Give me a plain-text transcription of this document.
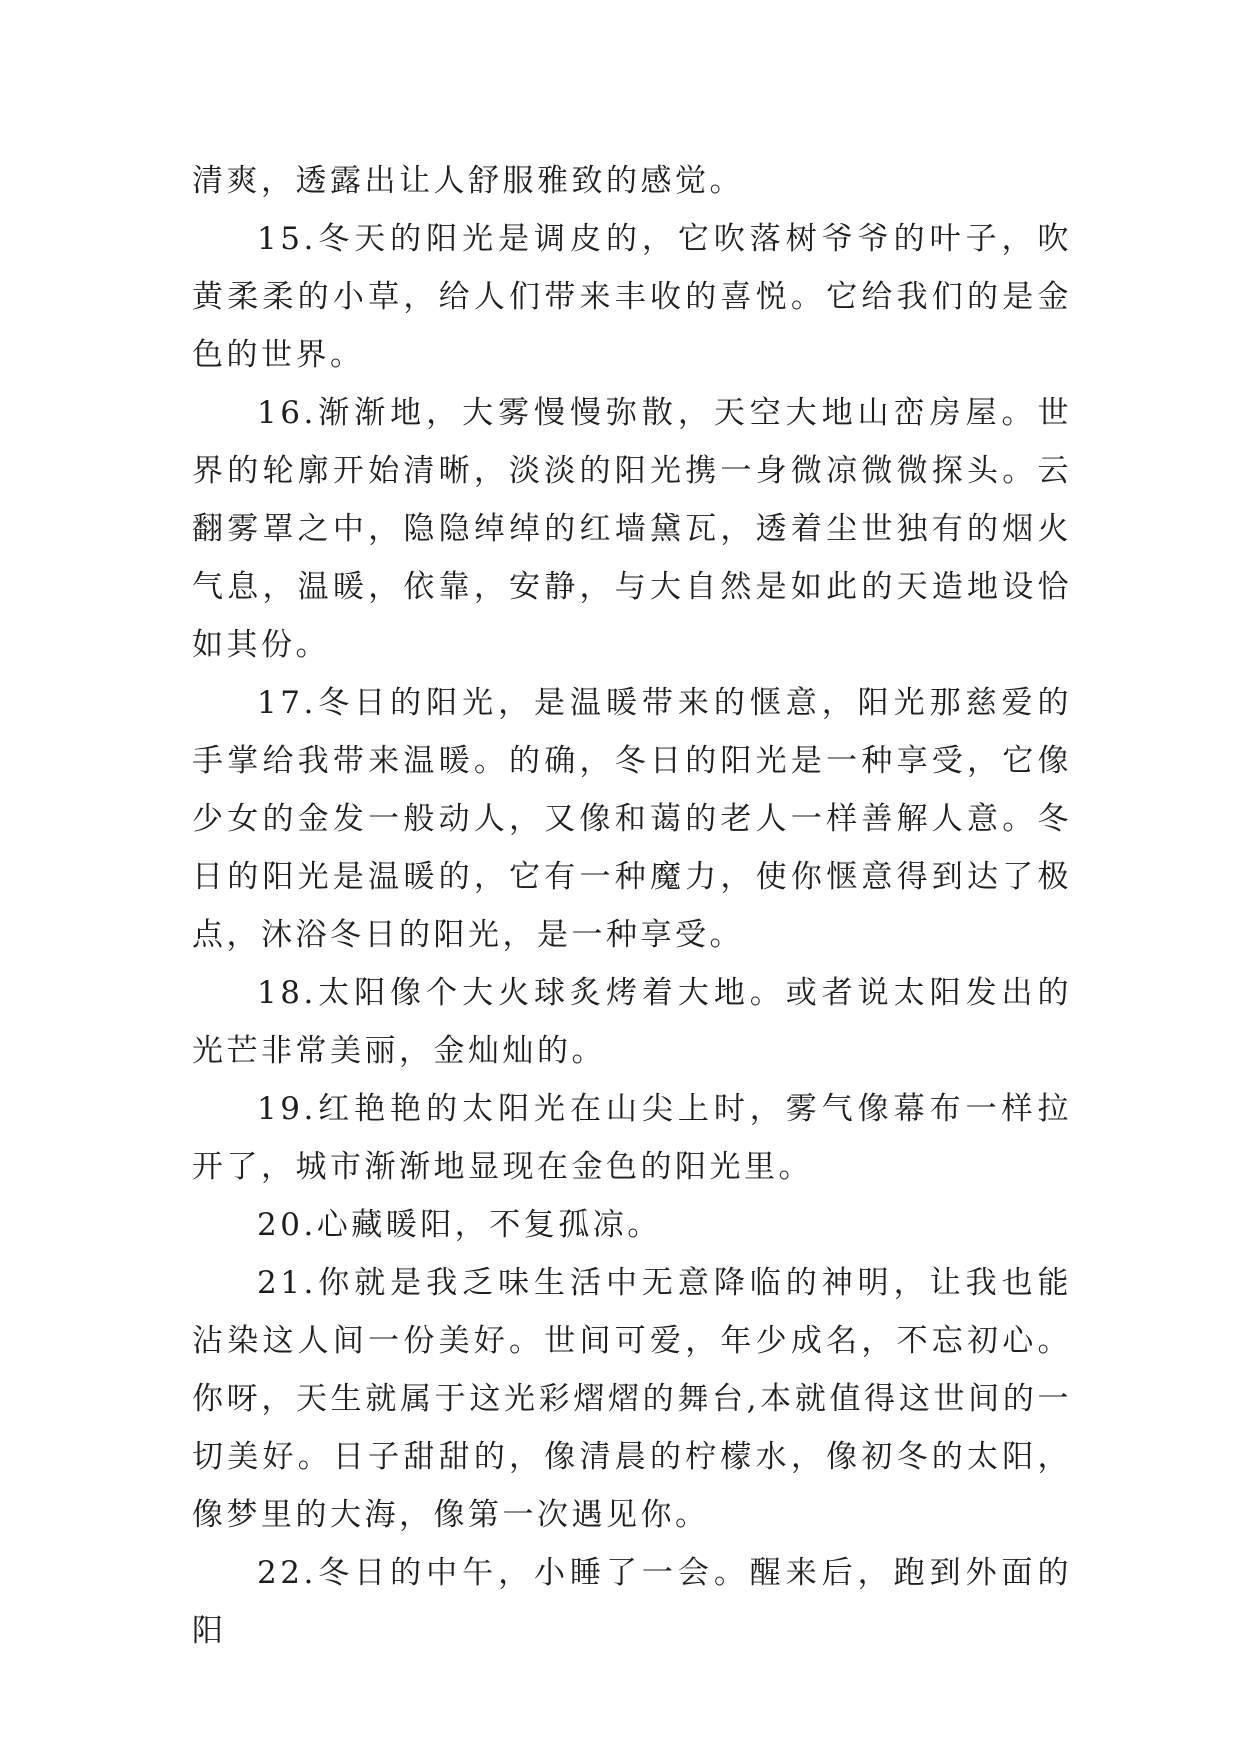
清爽，透露出让人舒服雅致的感觉。

15.冬天的阳光是调皮的，它吹落树爷爷的叶子，吹黄柔柔的小草，给人们带来丰收的喜悦。它给我们的是金色的世界。

16.渐渐地，大雾慢慢弥散，天空大地山峦房屋。世界的轮廓开始清晰，淡淡的阳光携一身微凉微微探头。云翻雾罩之中，隐隐绰绰的红墙黛瓦，透着尘世独有的烟火气息，温暖，依靠，安静，与大自然是如此的天造地设恰如其份。

17.冬日的阳光，是温暖带来的惬意，阳光那慈爱的手掌给我带来温暖。的确，冬日的阳光是一种享受，它像少女的金发一般动人，又像和蔼的老人一样善解人意。冬日的阳光是温暖的，它有一种魔力，使你惬意得到达了极点，沐浴冬日的阳光，是一种享受。

18.太阳像个大火球炙烤着大地。或者说太阳发出的光芒非常美丽，金灿灿的。

19.红艳艳的太阳光在山尖上时，雾气像幕布一样拉开了，城市渐渐地显现在金色的阳光里。

20.心藏暖阳，不复孤凉。

21.你就是我乏味生活中无意降临的神明，让我也能沾染这人间一份美好。世间可爱，年少成名，不忘初心。你呀，天生就属于这光彩熠熠的舞台,本就值得这世间的一切美好。日子甜甜的，像清晨的柠檬水，像初冬的太阳，像梦里的大海，像第一次遇见你。

22.冬日的中午，小睡了一会。醒来后，跑到外面的阳
